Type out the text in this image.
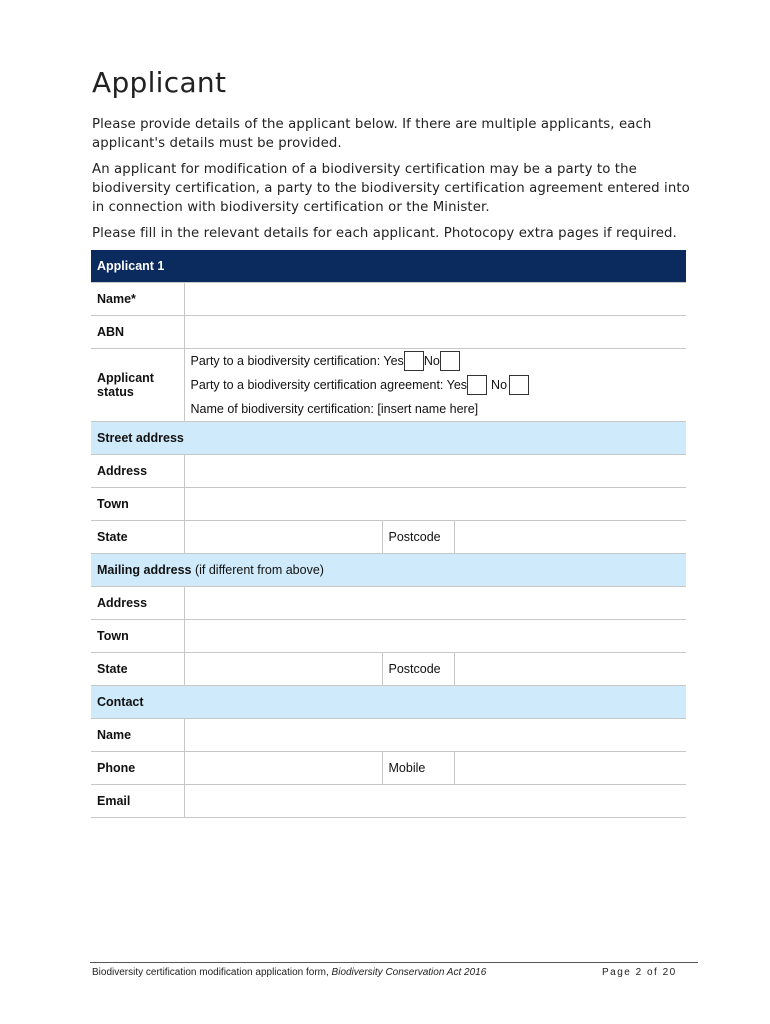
Applicant

Please provide details of the applicant below. If there are multiple applicants, each applicant's details must be provided.

An applicant for modification of a biodiversity certification may be a party to the biodiversity certification, a party to the biodiversity certification agreement entered into in connection with biodiversity certification or the Minister.

Please fill in the relevant details for each applicant. Photocopy extra pages if required.

Applicant 1			
Name*			
ABN			
Applicant status	Party to a biodiversity certification: Yes No
Party to a biodiversity certification agreement: Yes No
Name of biodiversity certification: [insert name here]		

Street address			
Address			
Town			
State		Postcode	
Mailing address (if different from above)			
Address			
Town			
State		Postcode	
Contact			
Name			
Phone		Mobile	
Email			
Biodiversity certification modification application form, Biodiversity Conservation Act 2016	Page 2 of 20
